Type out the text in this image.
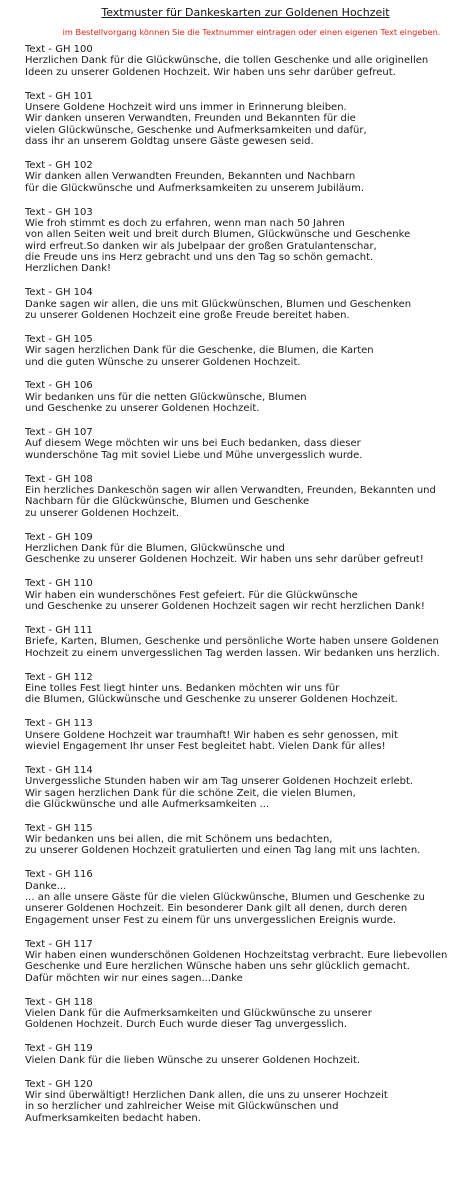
Textmuster für Dankeskarten zur Goldenen Hochzeit
im Bestellvorgang können Sie die Textnummer eintragen oder einen eigenen Text eingeben.
Text - GH 100
Herzlichen Dank für die Glückwünsche, die tollen Geschenke und alle originellen
Ideen zu unserer Goldenen Hochzeit. Wir haben uns sehr darüber gefreut.
Text - GH 101
Unsere Goldene Hochzeit wird uns immer in Erinnerung bleiben.
Wir danken unseren Verwandten, Freunden und Bekannten für die
vielen Glückwünsche, Geschenke und Aufmerksamkeiten und dafür,
dass ihr an unserem Goldtag unsere Gäste gewesen seid.
Text - GH 102
Wir danken allen Verwandten Freunden, Bekannten und Nachbarn
für die Glückwünsche und Aufmerksamkeiten zu unserem Jubiläum.
Text - GH 103
Wie froh stimmt es doch zu erfahren, wenn man nach 50 Jahren
von allen Seiten weit und breit durch Blumen, Glückwünsche und Geschenke
wird erfreut.So danken wir als Jubelpaar der großen Gratulantenschar,
die Freude uns ins Herz gebracht und uns den Tag so schön gemacht.
Herzlichen Dank!
Text - GH 104
Danke sagen wir allen, die uns mit Glückwünschen, Blumen und Geschenken
zu unserer Goldenen Hochzeit eine große Freude bereitet haben.
Text - GH 105
Wir sagen herzlichen Dank für die Geschenke, die Blumen, die Karten
und die guten Wünsche zu unserer Goldenen Hochzeit.
Text - GH 106
Wir bedanken uns für die netten Glückwünsche, Blumen
und Geschenke zu unserer Goldenen Hochzeit.
Text - GH 107
Auf diesem Wege möchten wir uns bei Euch bedanken, dass dieser
wunderschöne Tag mit soviel Liebe und Mühe unvergesslich wurde.
Text - GH 108
Ein herzliches Dankeschön sagen wir allen Verwandten, Freunden, Bekannten und
Nachbarn für die Glückwünsche, Blumen und Geschenke
zu unserer Goldenen Hochzeit.
Text - GH 109
Herzlichen Dank für die Blumen, Glückwünsche und
Geschenke zu unserer Goldenen Hochzeit. Wir haben uns sehr darüber gefreut!
Text - GH 110
Wir haben ein wunderschönes Fest gefeiert. Für die Glückwünsche
und Geschenke zu unserer Goldenen Hochzeit sagen wir recht herzlichen Dank!
Text - GH 111
Briefe, Karten, Blumen, Geschenke und persönliche Worte haben unsere Goldenen
Hochzeit zu einem unvergesslichen Tag werden lassen. Wir bedanken uns herzlich.
Text - GH 112
Eine tolles Fest liegt hinter uns. Bedanken möchten wir uns für
die Blumen, Glückwünsche und Geschenke zu unserer Goldenen Hochzeit.
Text - GH 113
Unsere Goldene Hochzeit war traumhaft! Wir haben es sehr genossen, mit
wieviel Engagement Ihr unser Fest begleitet habt. Vielen Dank für alles!
Text - GH 114
Unvergessliche Stunden haben wir am Tag unserer Goldenen Hochzeit erlebt.
Wir sagen herzlichen Dank für die schöne Zeit, die vielen Blumen,
die Glückwünsche und alle Aufmerksamkeiten ...
Text - GH 115
Wir bedanken uns bei allen, die mit Schönem uns bedachten,
zu unserer Goldenen Hochzeit gratulierten und einen Tag lang mit uns lachten.
Text - GH 116
Danke...
... an alle unsere Gäste für die vielen Glückwünsche, Blumen und Geschenke zu
unserer Goldenen Hochzeit. Ein besonderer Dank gilt all denen, durch deren
Engagement unser Fest zu einem für uns unvergesslichen Ereignis wurde.
Text - GH 117
Wir haben einen wunderschönen Goldenen Hochzeitstag verbracht. Eure liebevollen
Geschenke und Eure herzlichen Wünsche haben uns sehr glücklich gemacht.
Dafür möchten wir nur eines sagen...Danke
Text - GH 118
Vielen Dank für die Aufmerksamkeiten und Glückwünsche zu unserer
Goldenen Hochzeit. Durch Euch wurde dieser Tag unvergesslich.
Text - GH 119
Vielen Dank für die lieben Wünsche zu unserer Goldenen Hochzeit.
Text - GH 120
Wir sind überwältigt! Herzlichen Dank allen, die uns zu unserer Hochzeit
in so herzlicher und zahlreicher Weise mit Glückwünschen und
Aufmerksamkeiten bedacht haben.
